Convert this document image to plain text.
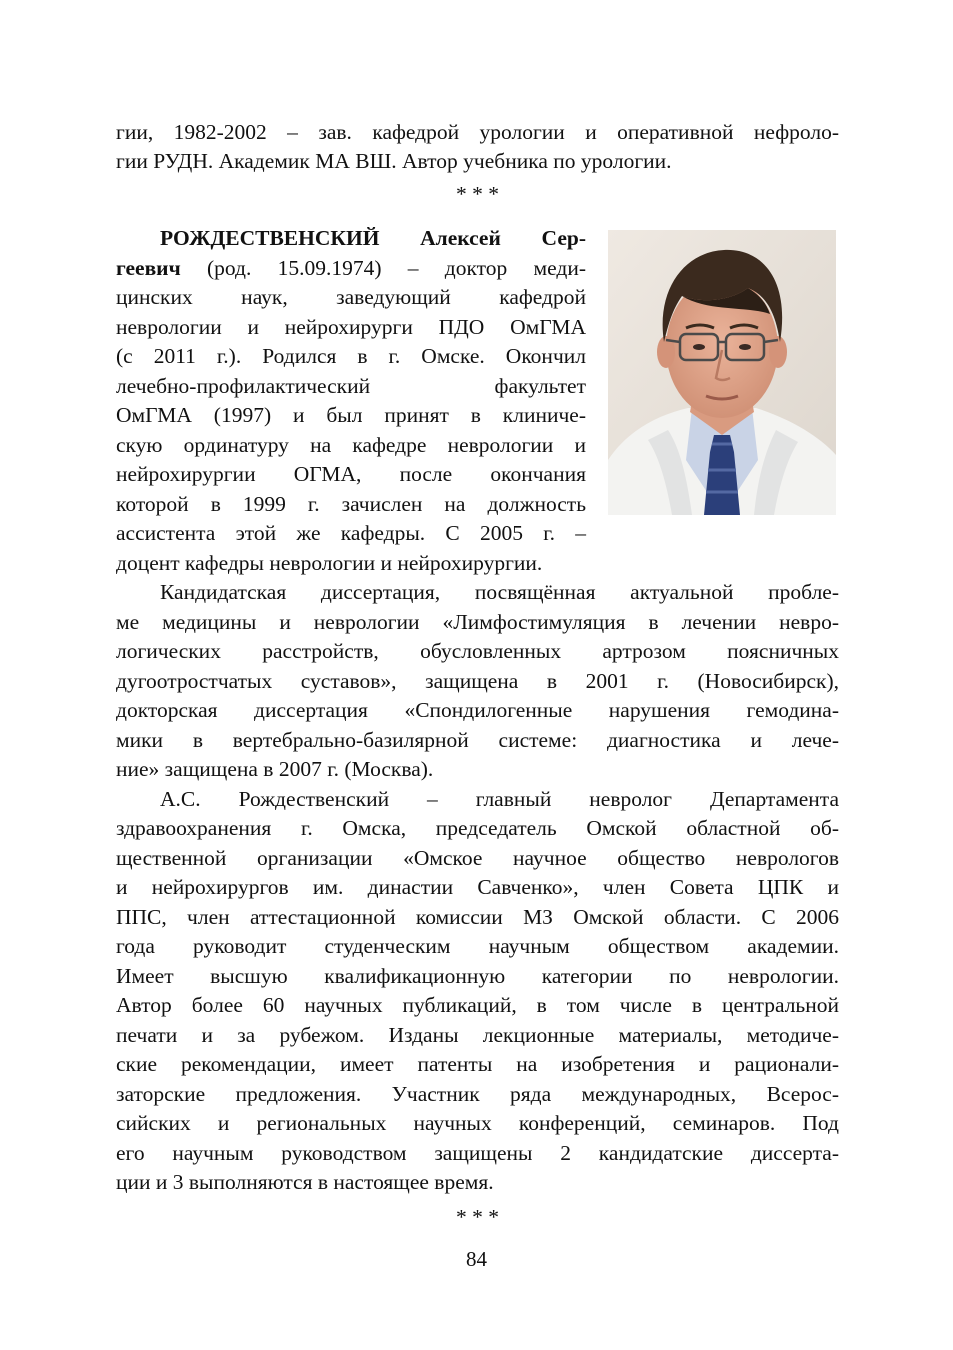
гии, 1982-2002 – зав. кафедрой урологии и оперативной нефроло-
гии РУДН. Академик МА ВШ. Автор учебника по урологии.
* * *
РОЖДЕСТВЕНСКИЙ Алексей Сер-
геевич (род. 15.09.1974) – доктор меди-
цинских наук, заведующий кафедрой
неврологии и нейрохирурги ПДО ОмГМА
(с 2011 г.). Родился в г. Омске. Окончил
лечебно-профилактический факультет
ОмГМА (1997) и был принят в клиниче-
скую ординатуру на кафедре неврологии и
нейрохирургии ОГМА, после окончания
которой в 1999 г. зачислен на должность
ассистента этой же кафедры. С 2005 г. –
доцент кафедры неврологии и нейрохирургии.
Кандидатская диссертация, посвящённая актуальной пробле-
ме медицины и неврологии «Лимфостимуляция в лечении невро-
логических расстройств, обусловленных артрозом поясничных
дугоотростчатых суставов», защищена в 2001 г. (Новосибирск),
докторская диссертация «Спондилогенные нарушения гемодина-
мики в вертебрально-базилярной системе: диагностика и лече-
ние» защищена в 2007 г. (Москва).
А.С. Рождественский – главный невролог Департамента
здравоохранения г. Омска, председатель Омской областной об-
щественной организации «Омское научное общество неврологов
и нейрохирургов им. династии Савченко», член Совета ЦПК и
ППС, член аттестационной комиссии МЗ Омской области. С 2006
года руководит студенческим научным обществом академии.
Имеет высшую квалификационную категории по неврологии.
Автор более 60 научных публикаций, в том числе в центральной
печати и за рубежом. Изданы лекционные материалы, методиче-
ские рекомендации, имеет патенты на изобретения и рационали-
заторские предложения. Участник ряда международных, Всерос-
сийских и региональных научных конференций, семинаров. Под
его научным руководством защищены 2 кандидатские диссерта-
ции и 3 выполняются в настоящее время.
* * *
84
